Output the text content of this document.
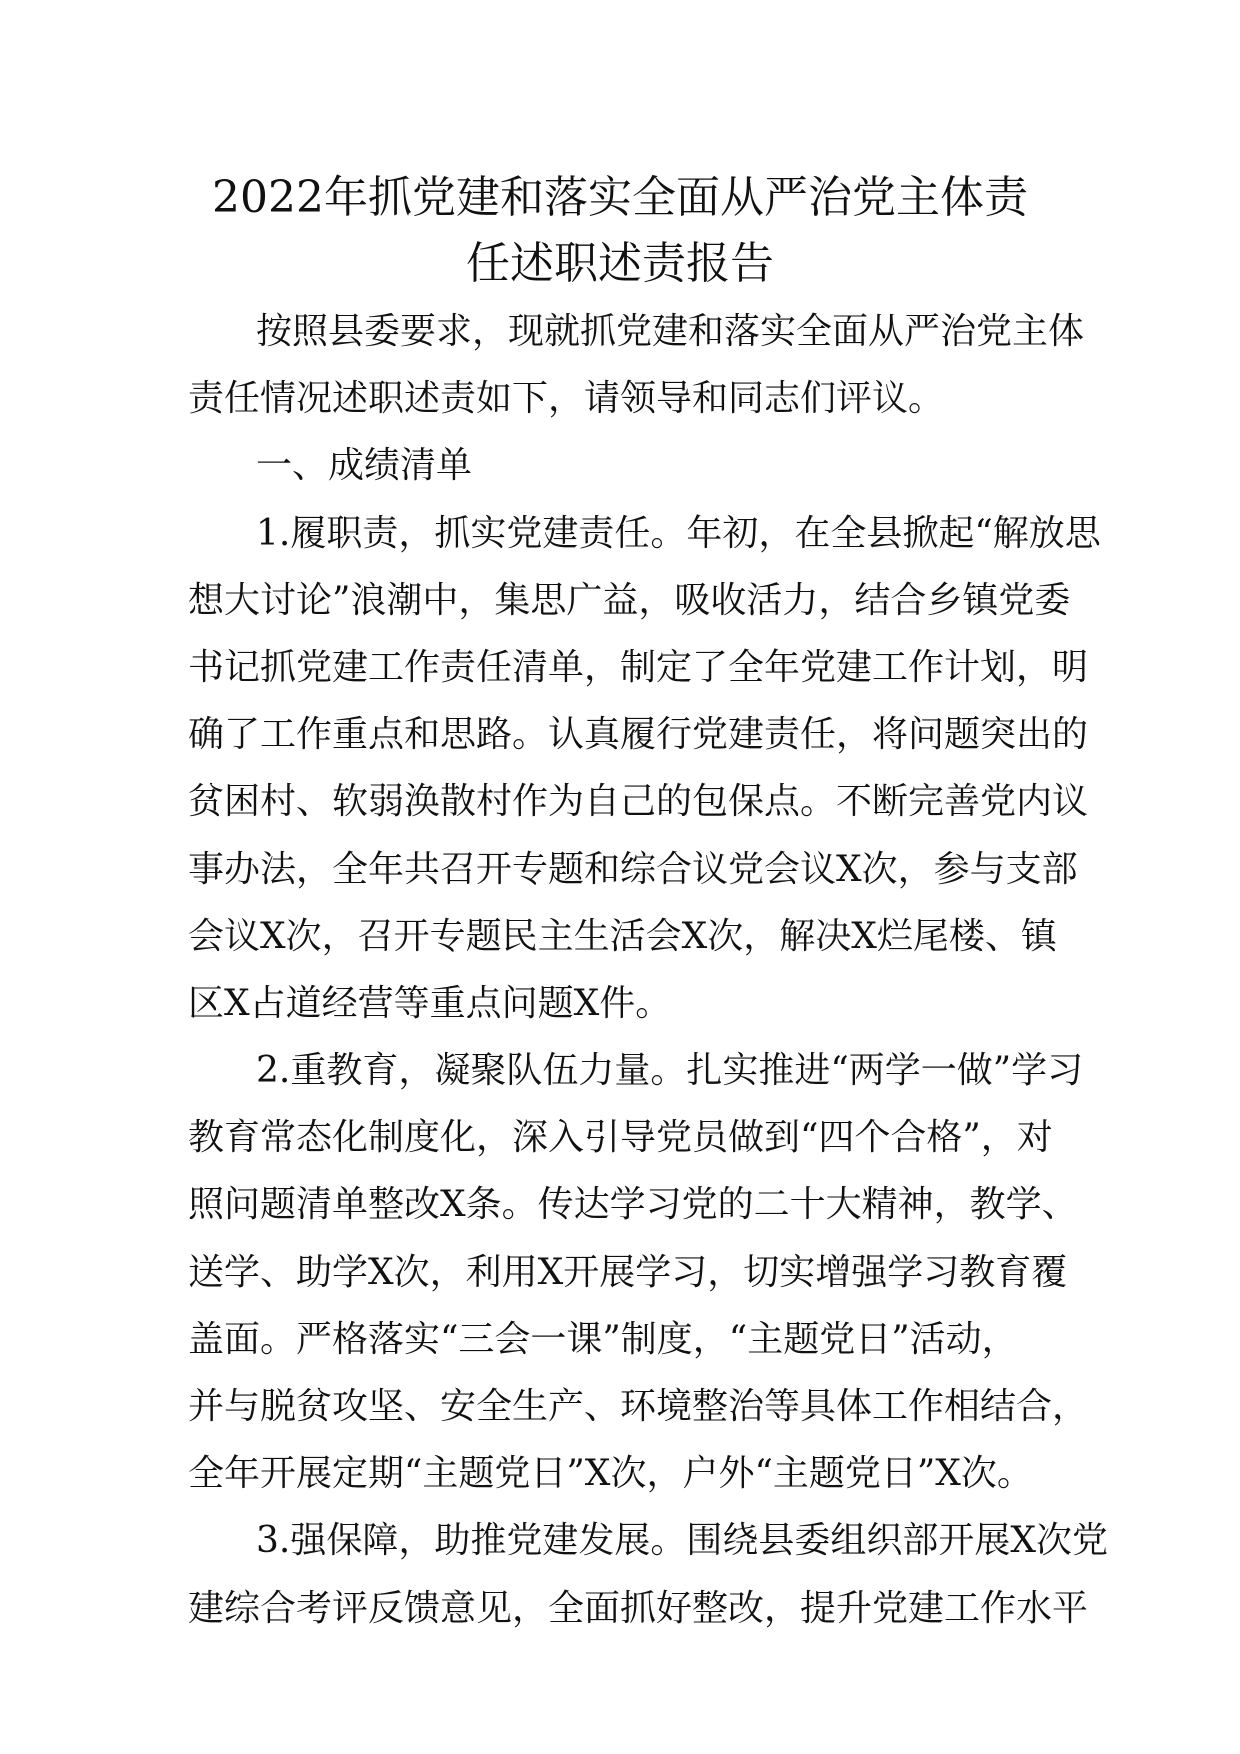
2022年抓党建和落实全面从严治党主体责
任述职述责报告
按照县委要求，现就抓党建和落实全面从严治党主体
责任情况述职述责如下，请领导和同志们评议。
一、成绩清单
1.履职责，抓实党建责任。年初，在全县掀起“解放思
想大讨论”浪潮中，集思广益，吸收活力，结合乡镇党委
书记抓党建工作责任清单，制定了全年党建工作计划，明
确了工作重点和思路。认真履行党建责任，将问题突出的
贫困村、软弱涣散村作为自己的包保点。不断完善党内议
事办法，全年共召开专题和综合议党会议X次，参与支部
会议X次，召开专题民主生活会X次，解决X烂尾楼、镇
区X占道经营等重点问题X件。
2.重教育，凝聚队伍力量。扎实推进“两学一做”学习
教育常态化制度化，深入引导党员做到“四个合格”，对
照问题清单整改X条。传达学习党的二十大精神，教学、
送学、助学X次，利用X开展学习，切实增强学习教育覆
盖面。严格落实“三会一课”制度，“主题党日”活动，
并与脱贫攻坚、安全生产、环境整治等具体工作相结合，
全年开展定期“主题党日”X次，户外“主题党日”X次。
3.强保障，助推党建发展。围绕县委组织部开展X次党
建综合考评反馈意见，全面抓好整改，提升党建工作水平
